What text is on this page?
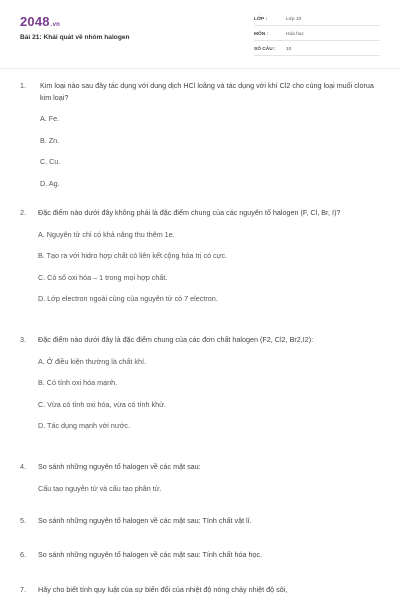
2048.vn
Bài 21: Khái quát về nhóm halogen
LỚP :	Lớp 10
MÔN :	Hóa học
SỐ CÂU : 10
1. Kim loại nào sau đây tác dụng với dung dịch HCl loãng và tác dụng với khí Cl2 cho cùng loại muối clorua kim loại?
A. Fe.
B. Zn.
C. Cu.
D. Ag.
2. Đặc điểm nào dưới đây không phải là đặc điểm chung của các nguyên tố halogen (F, Cl, Br, I)?
A. Nguyên tử chỉ có khả năng thu thêm 1e.
B. Tạo ra với hidro hợp chất có liên kết cộng hóa trị có cực.
C. Có số oxi hóa – 1 trong mọi hợp chất.
D. Lớp electron ngoài cùng của nguyên tử có 7 electron.
3. Đặc điểm nào dưới đây là đặc điểm chung của các đơn chất halogen (F2, Cl2, Br2,I2):
A. Ở điều kiện thường là chất khí.
B. Có tính oxi hóa mạnh.
C. Vừa có tính oxi hóa, vừa có tính khử.
D. Tác dụng mạnh với nước.
4. So sánh những nguyên tố halogen về các mặt sau:
Cấu tạo nguyên tử và cấu tạo phân tử.
5. So sánh những nguyên tố halogen về các mặt sau: Tính chất vật lí.
6. So sánh những nguyên tố halogen về các mặt sau: Tính chất hóa học.
7. Hãy cho biết tính quy luật của sự biến đổi của nhiệt độ nóng chảy nhiệt độ sôi,
